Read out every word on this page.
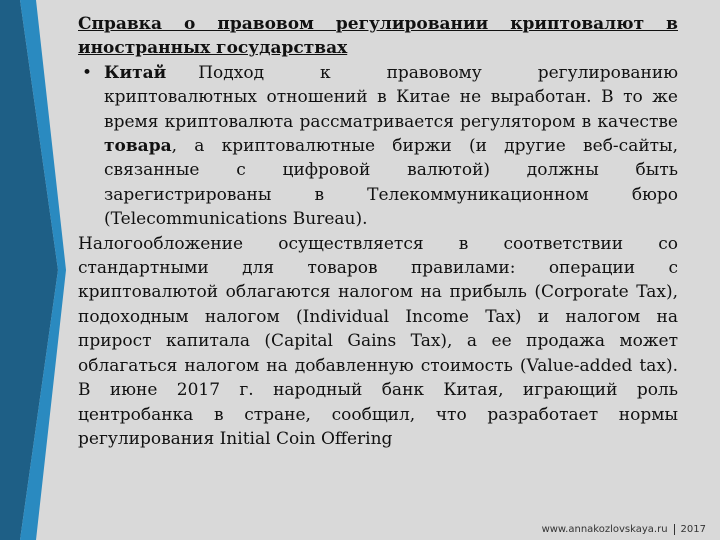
Справка о правовом регулировании криптовалют в
иностранных государствах
• Китай Подход к правовому регулированию криптовалютных отношений в Китае не выработан. В то же время криптовалюта рассматривается регулятором в качестве товара, а криптовалютные биржи (и другие веб-сайты, связанные с цифровой валютой) должны быть зарегистрированы в Телекоммуникационном бюро (Telecommunications Bureau).
Налогообложение осуществляется в соответствии со стандартными для товаров правилами: операции с криптовалютой облагаются налогом на прибыль (Corporate Tax), подоходным налогом (Individual Income Tax) и налогом на прирост капитала (Capital Gains Tax), а ее продажа может облагаться налогом на добавленную стоимость (Value-added tax). В июне 2017 г. народный банк Китая, играющий роль центробанка в стране, сообщил, что разработает нормы регулирования Initial Coin Offering
www.annakozlovskaya.ru 2017
